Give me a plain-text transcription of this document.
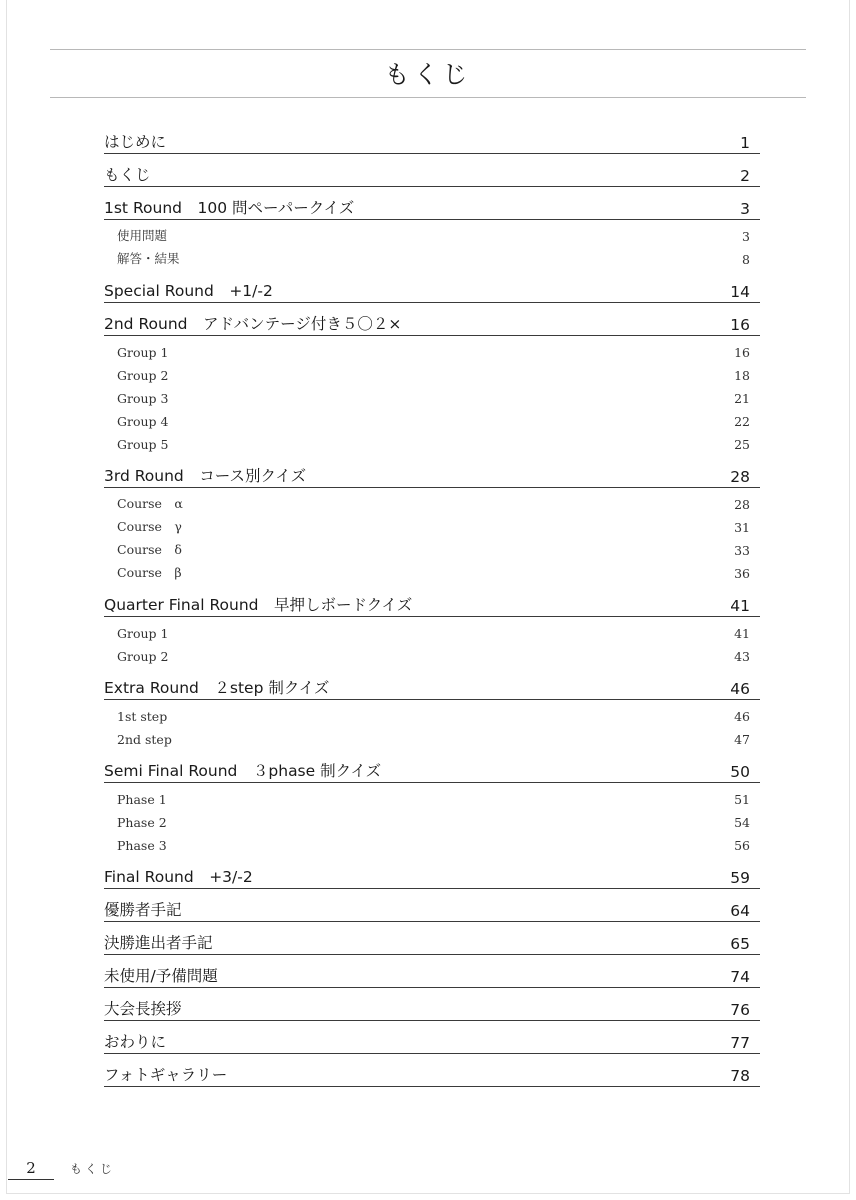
もくじ
はじめに	1
もくじ	2
1st Round　100 問ペーパークイズ	3
使用問題	3
解答・結果	8
Special Round　+1/-2	14
2nd Round　アドバンテージ付き５〇２×	16
Group 1	16
Group 2	18
Group 3	21
Group 4	22
Group 5	25
3rd Round　コース別クイズ	28
Course　α	28
Course　γ	31
Course　δ	33
Course　β	36
Quarter Final Round　早押しボードクイズ	41
Group 1	41
Group 2	43
Extra Round　２step 制クイズ	46
1st step	46
2nd step	47
Semi Final Round　３phase 制クイズ	50
Phase 1	51
Phase 2	54
Phase 3	56
Final Round　+3/-2	59
優勝者手記	64
決勝進出者手記	65
未使用/予備問題	74
大会長挨拶	76
おわりに	77
フォトギャラリー	78
2	もくじ
